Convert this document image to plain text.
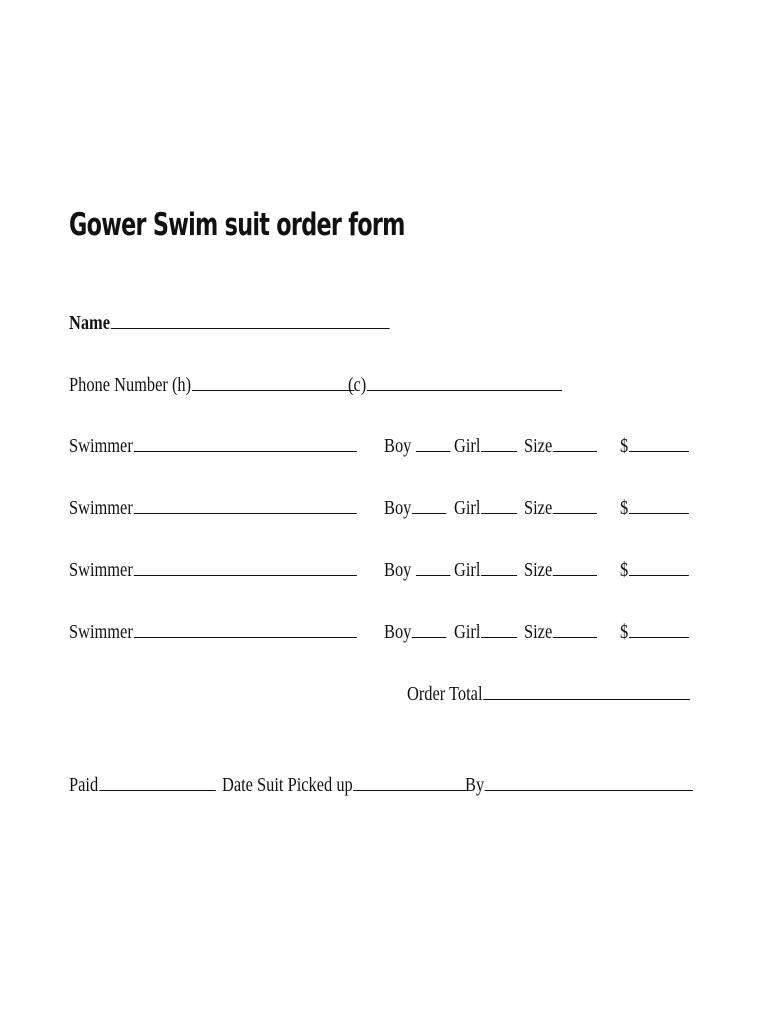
Gower Swim suit order form
Name
Phone Number (h)	(c)
Swimmer	Boy	Girl	Size	$
Swimmer	Boy	Girl	Size	$
Swimmer	Boy	Girl	Size	$
Swimmer	Boy	Girl	Size	$
Order Total
Paid	Date Suit Picked up	By
